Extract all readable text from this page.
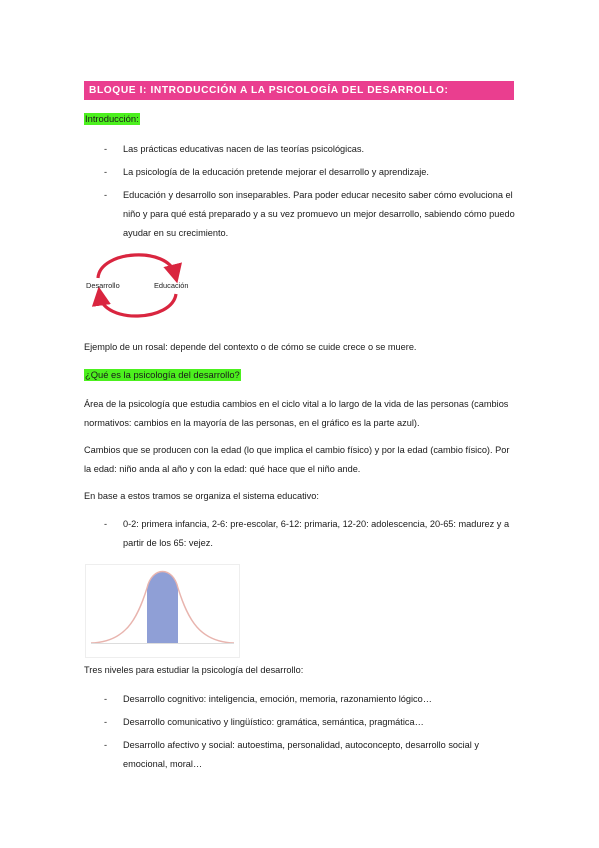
BLOQUE I: INTRODUCCIÓN A LA PSICOLOGÍA DEL DESARROLLO:
Introducción:
- Las prácticas educativas nacen de las teorías psicológicas.
- La psicología de la educación pretende mejorar el desarrollo y aprendizaje.
- Educación y desarrollo son inseparables. Para poder educar necesito saber cómo evoluciona el niño y para qué está preparado y a su vez promuevo un mejor desarrollo, sabiendo cómo puedo ayudar en su crecimiento.
Desarrollo	Educación

Ejemplo de un rosal: depende del contexto o de cómo se cuide crece o se muere.

¿Qué es la psicología del desarrollo?

Área de la psicología que estudia cambios en el ciclo vital a lo largo de la vida de las personas (cambios normativos: cambios en la mayoría de las personas, en el gráfico es la parte azul).

Cambios que se producen con la edad (lo que implica el cambio físico) y por la edad (cambio físico). Por la edad: niño anda al año y con la edad: qué hace que el niño ande.

En base a estos tramos se organiza el sistema educativo:

- 0-2: primera infancia, 2-6: pre-escolar, 6-12: primaria, 12-20: adolescencia, 20-65: madurez y a partir de los 65: vejez.

Tres niveles para estudiar la psicología del desarrollo:

- Desarrollo cognitivo: inteligencia, emoción, memoria, razonamiento lógico…
- Desarrollo comunicativo y lingüístico: gramática, semántica, pragmática…
- Desarrollo afectivo y social: autoestima, personalidad, autoconcepto, desarrollo social y emocional, moral…
